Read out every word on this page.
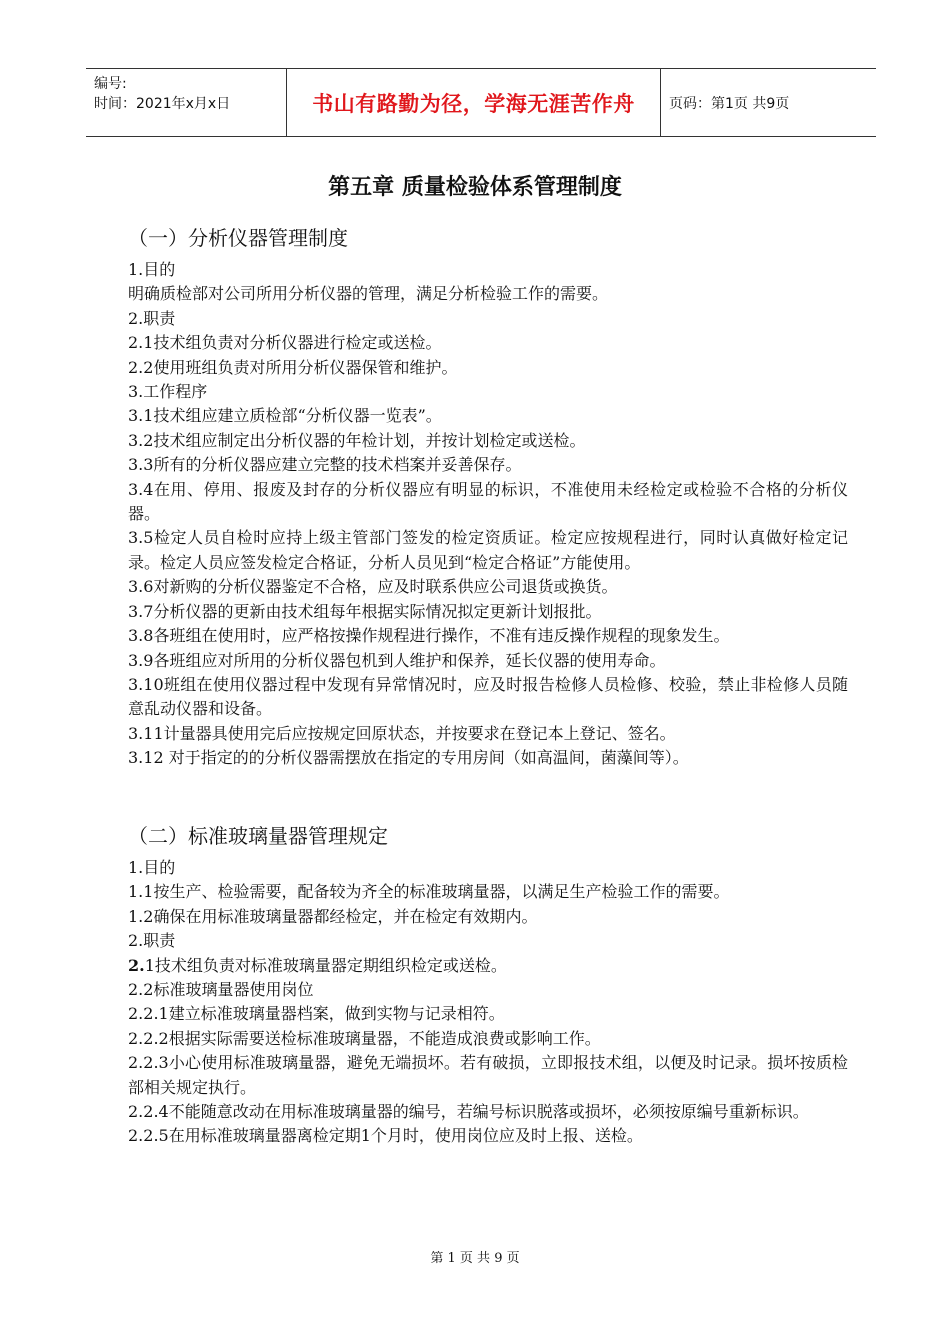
编号:
时间：2021年x月x日	书山有路勤为径，学海无涯苦作舟 页码：第1页 共9页
第五章 质量检验体系管理制度
（一）分析仪器管理制度

1.目的

明确质检部对公司所用分析仪器的管理，满足分析检验工作的需要。

2.职责

2.1技术组负责对分析仪器进行检定或送检。

2.2使用班组负责对所用分析仪器保管和维护。

3.工作程序

3.1技术组应建立质检部“分析仪器一览表”。

3.2技术组应制定出分析仪器的年检计划，并按计划检定或送检。

3.3所有的分析仪器应建立完整的技术档案并妥善保存。

3.4在用、停用、报废及封存的分析仪器应有明显的标识，不准使用未经检定或检验不合格的分析仪器。

3.5检定人员自检时应持上级主管部门签发的检定资质证。检定应按规程进行，同时认真做好检定记录。检定人员应签发检定合格证，分析人员见到“检定合格证”方能使用。

3.6对新购的分析仪器鉴定不合格，应及时联系供应公司退货或换货。

3.7分析仪器的更新由技术组每年根据实际情况拟定更新计划报批。

3.8各班组在使用时，应严格按操作规程进行操作，不准有违反操作规程的现象发生。

3.9各班组应对所用的分析仪器包机到人维护和保养，延长仪器的使用寿命。

3.10班组在使用仪器过程中发现有异常情况时，应及时报告检修人员检修、校验，禁止非检修人员随意乱动仪器和设备。

3.11计量器具使用完后应按规定回原状态，并按要求在登记本上登记、签名。

3.12 对于指定的的分析仪器需摆放在指定的专用房间（如高温间，菌藻间等）。

（二）标准玻璃量器管理规定

1.目的

1.1按生产、检验需要，配备较为齐全的标准玻璃量器，以满足生产检验工作的需要。

1.2确保在用标准玻璃量器都经检定，并在检定有效期内。

2.职责

2.1技术组负责对标准玻璃量器定期组织检定或送检。

2.2标准玻璃量器使用岗位

2.2.1建立标准玻璃量器档案，做到实物与记录相符。

2.2.2根据实际需要送检标准玻璃量器，不能造成浪费或影响工作。

2.2.3小心使用标准玻璃量器，避免无端损坏。若有破损，立即报技术组，以便及时记录。损坏按质检部相关规定执行。

2.2.4不能随意改动在用标准玻璃量器的编号，若编号标识脱落或损坏，必须按原编号重新标识。

2.2.5在用标准玻璃量器离检定期1个月时，使用岗位应及时上报、送检。

第 1 页 共 9 页
